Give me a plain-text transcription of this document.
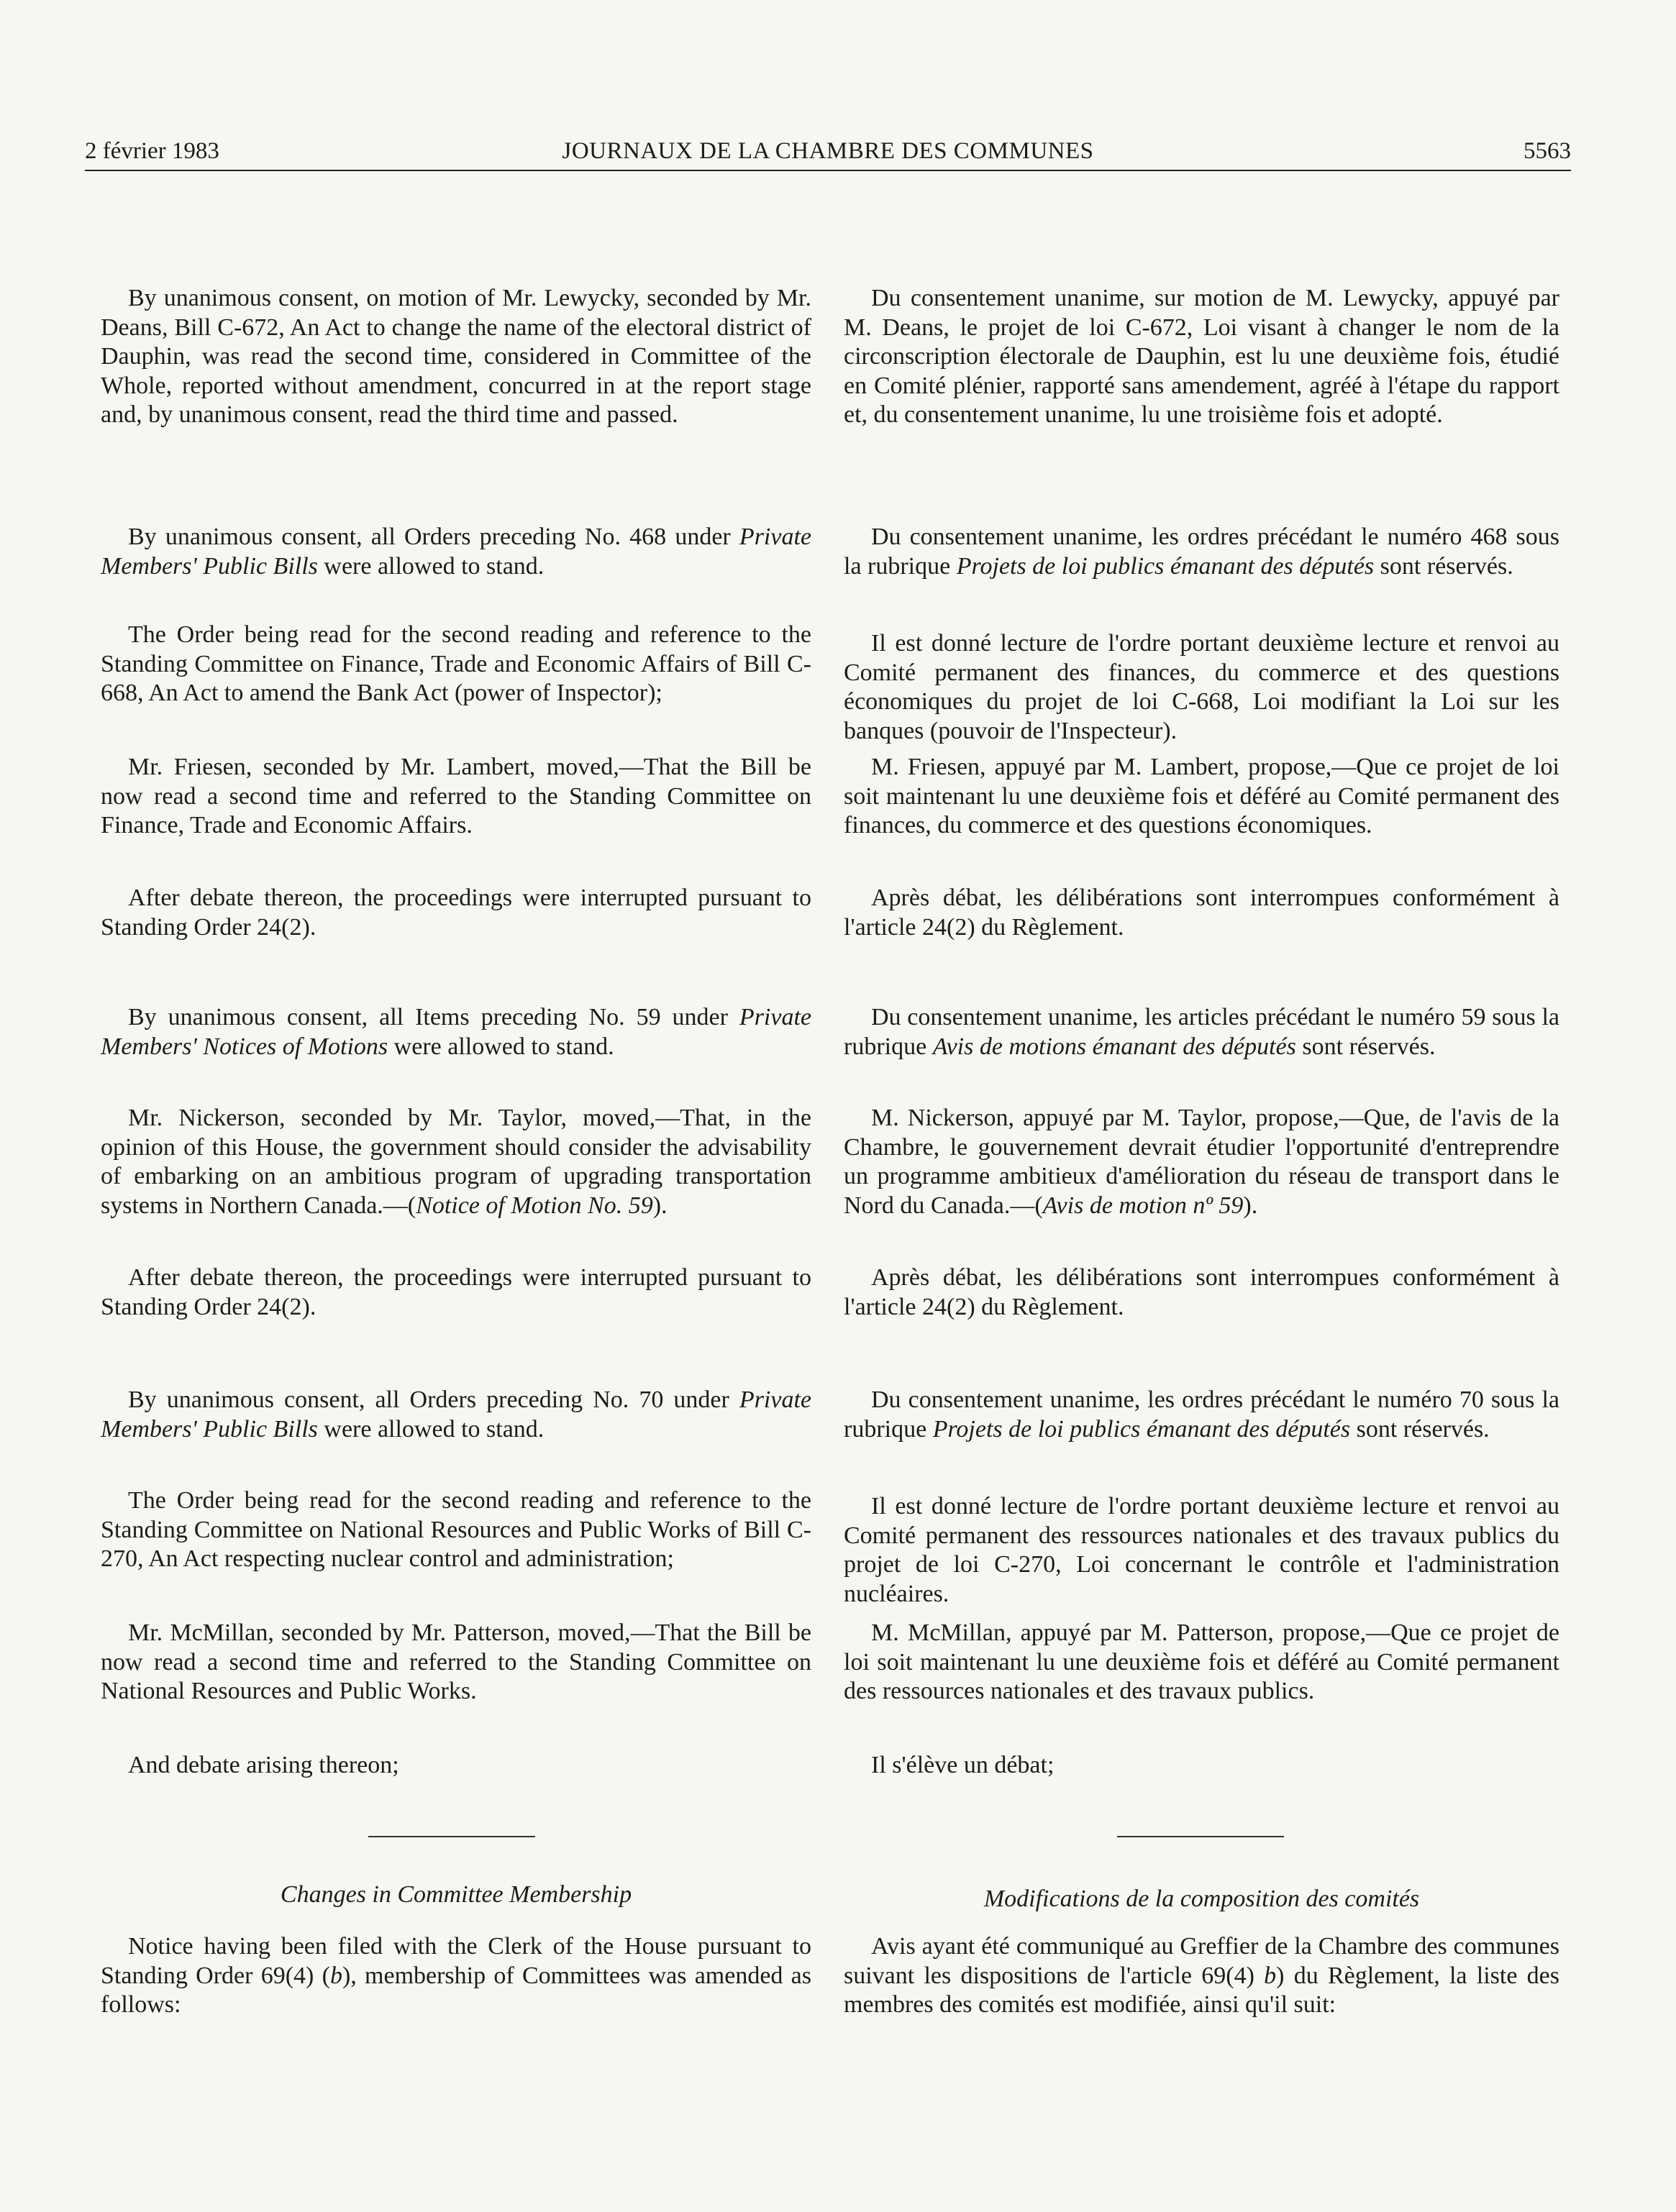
2 février 1983	JOURNAUX DE LA CHAMBRE DES COMMUNES	5563

By unanimous consent, on motion of Mr. Lewycky, seconded by Mr. Deans, Bill C-672, An Act to change the name of the electoral district of Dauphin, was read the second time, considered in Committee of the Whole, reported without amendment, concurred in at the report stage and, by unanimous consent, read the third time and passed.

By unanimous consent, all Orders preceding No. 468 under Private Members' Public Bills were allowed to stand.

The Order being read for the second reading and reference to the Standing Committee on Finance, Trade and Economic Affairs of Bill C-668, An Act to amend the Bank Act (power of Inspector);

Mr. Friesen, seconded by Mr. Lambert, moved,—That the Bill be now read a second time and referred to the Standing Committee on Finance, Trade and Economic Affairs.

After debate thereon, the proceedings were interrupted pursuant to Standing Order 24(2).

By unanimous consent, all Items preceding No. 59 under Private Members' Notices of Motions were allowed to stand.

Mr. Nickerson, seconded by Mr. Taylor, moved,—That, in the opinion of this House, the government should consider the advisability of embarking on an ambitious program of upgrading transportation systems in Northern Canada.—(Notice of Motion No. 59).

After debate thereon, the proceedings were interrupted pursuant to Standing Order 24(2).

By unanimous consent, all Orders preceding No. 70 under Private Members' Public Bills were allowed to stand.

The Order being read for the second reading and reference to the Standing Committee on National Resources and Public Works of Bill C-270, An Act respecting nuclear control and administration;

Mr. McMillan, seconded by Mr. Patterson, moved,—That the Bill be now read a second time and referred to the Standing Committee on National Resources and Public Works.

And debate arising thereon;

Changes in Committee Membership

Notice having been filed with the Clerk of the House pursuant to Standing Order 69(4) (b), membership of Committees was amended as follows:

Du consentement unanime, sur motion de M. Lewycky, appuyé par M. Deans, le projet de loi C-672, Loi visant à changer le nom de la circonscription électorale de Dauphin, est lu une deuxième fois, étudié en Comité plénier, rapporté sans amendement, agréé à l'étape du rapport et, du consentement unanime, lu une troisième fois et adopté.

Du consentement unanime, les ordres précédant le numéro 468 sous la rubrique Projets de loi publics émanant des députés sont réservés.

Il est donné lecture de l'ordre portant deuxième lecture et renvoi au Comité permanent des finances, du commerce et des questions économiques du projet de loi C-668, Loi modifiant la Loi sur les banques (pouvoir de l'Inspecteur).

M. Friesen, appuyé par M. Lambert, propose,—Que ce projet de loi soit maintenant lu une deuxième fois et déféré au Comité permanent des finances, du commerce et des questions économiques.

Après débat, les délibérations sont interrompues conformément à l'article 24(2) du Règlement.

Du consentement unanime, les articles précédant le numéro 59 sous la rubrique Avis de motions émanant des députés sont réservés.

M. Nickerson, appuyé par M. Taylor, propose,—Que, de l'avis de la Chambre, le gouvernement devrait étudier l'opportunité d'entreprendre un programme ambitieux d'amélioration du réseau de transport dans le Nord du Canada.—(Avis de motion nº 59).

Après débat, les délibérations sont interrompues conformément à l'article 24(2) du Règlement.

Du consentement unanime, les ordres précédant le numéro 70 sous la rubrique Projets de loi publics émanant des députés sont réservés.

Il est donné lecture de l'ordre portant deuxième lecture et renvoi au Comité permanent des ressources nationales et des travaux publics du projet de loi C-270, Loi concernant le contrôle et l'administration nucléaires.

M. McMillan, appuyé par M. Patterson, propose,—Que ce projet de loi soit maintenant lu une deuxième fois et déféré au Comité permanent des ressources nationales et des travaux publics.

Il s'élève un débat;

Modifications de la composition des comités

Avis ayant été communiqué au Greffier de la Chambre des communes suivant les dispositions de l'article 69(4) b) du Règlement, la liste des membres des comités est modifiée, ainsi qu'il suit:
